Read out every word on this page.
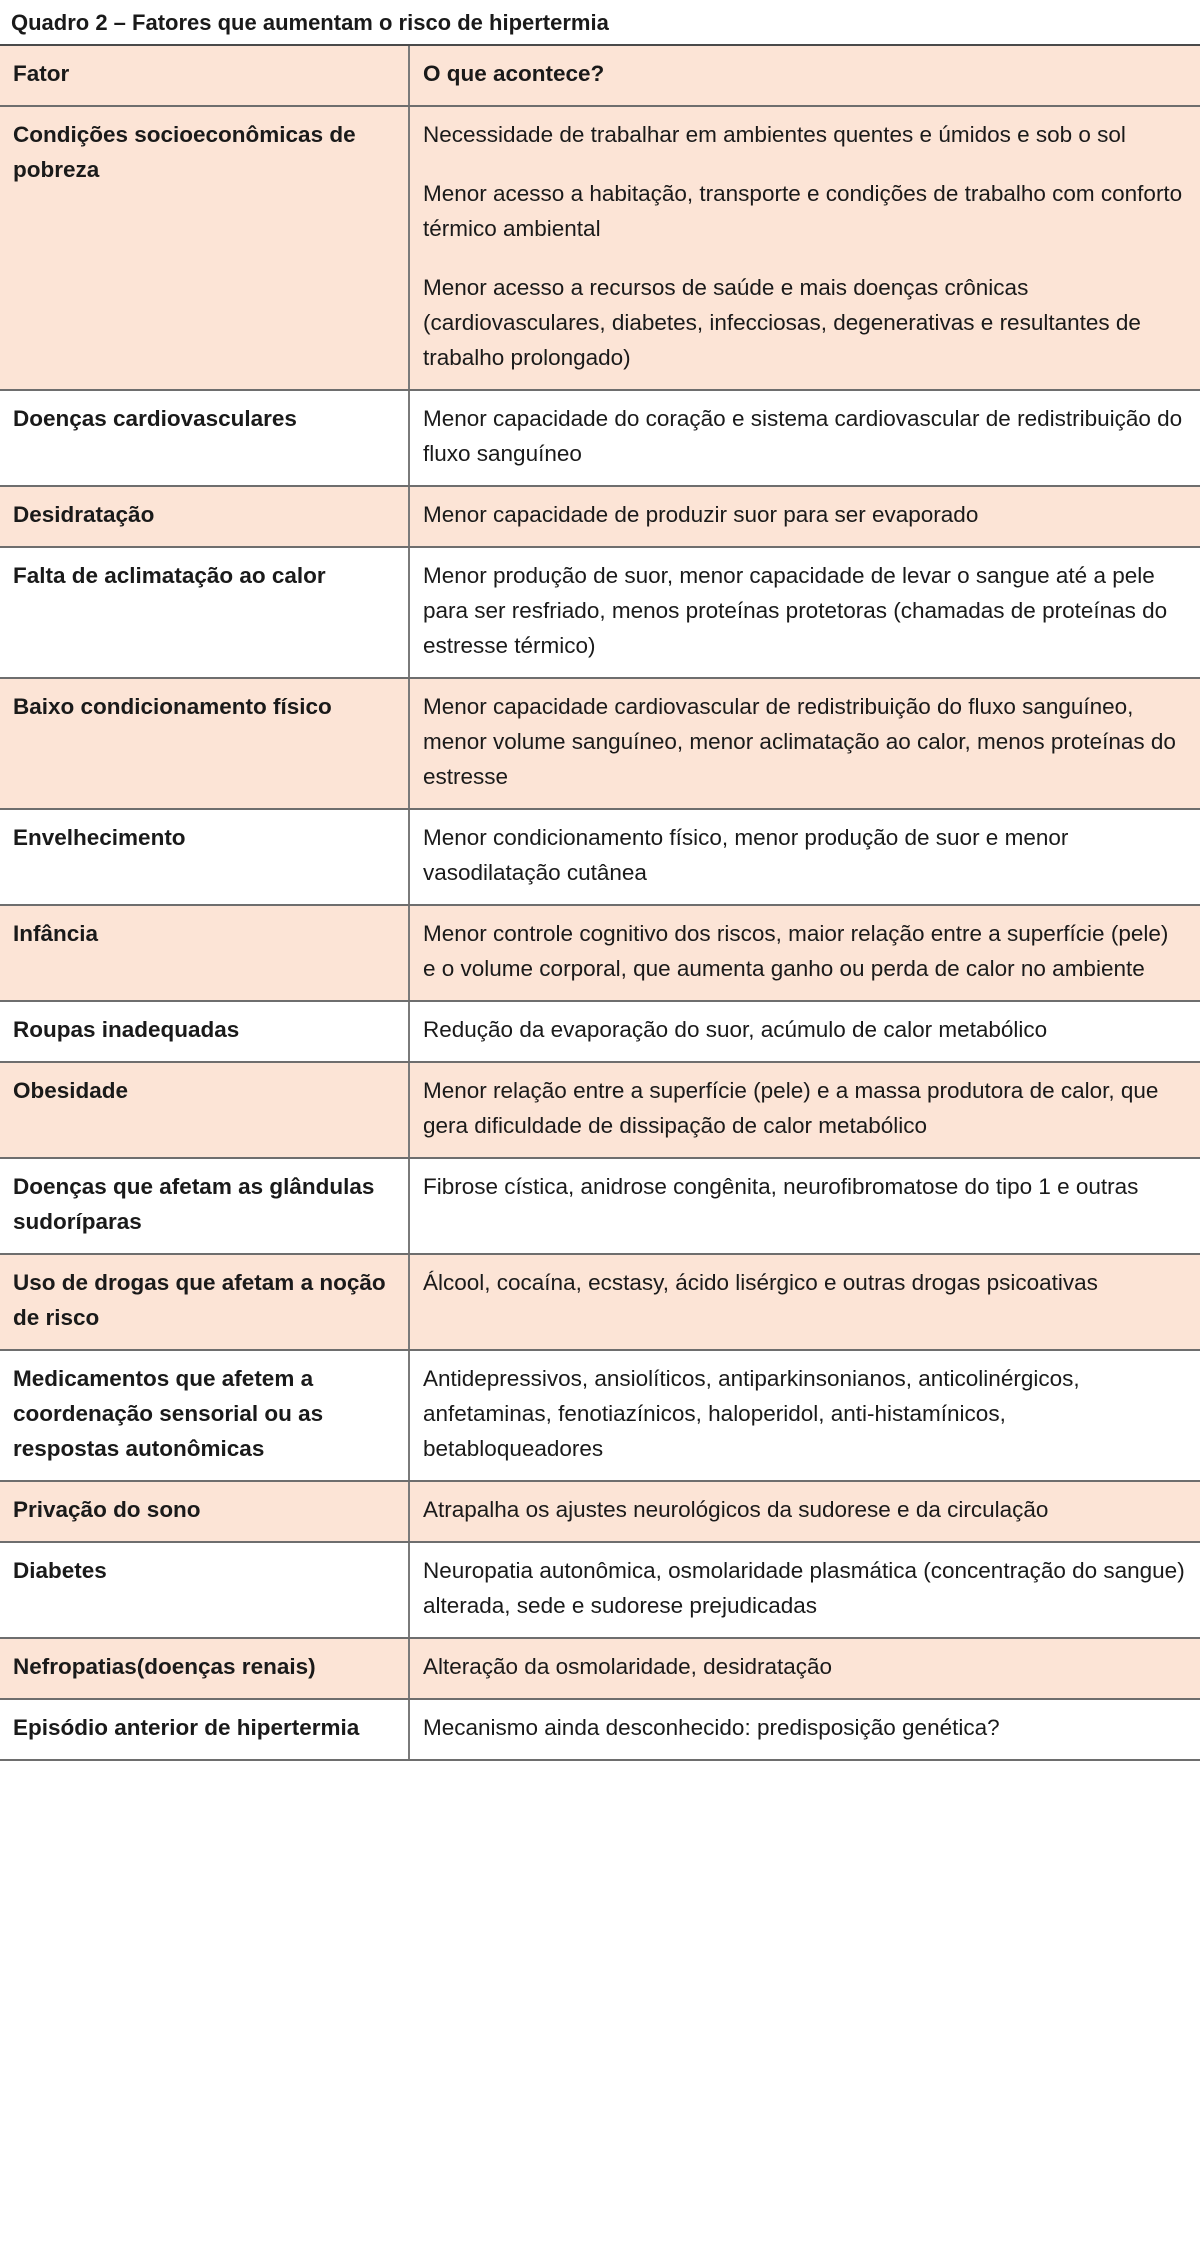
Quadro 2 – Fatores que aumentam o risco de hipertermia
Fator	O que acontece?
Condições socioeconômicas de pobreza	Necessidade de trabalhar em ambientes quentes e úmidos e sob o sol

Menor acesso a habitação, transporte e condições de trabalho com conforto térmico ambiental

Menor acesso a recursos de saúde e mais doenças crônicas (cardiovasculares, diabetes, infecciosas, degenerativas e resultantes de trabalho prolongado)

Doenças cardiovasculares	Menor capacidade do coração e sistema cardiovascular de redistribuição do fluxo sanguíneo

Desidratação	Menor capacidade de produzir suor para ser evaporado

Falta de aclimatação ao calor	Menor produção de suor, menor capacidade de levar o sangue até a pele para ser resfriado, menos proteínas protetoras (chamadas de proteínas do estresse térmico)

Baixo condicionamento físico	Menor capacidade cardiovascular de redistribuição do fluxo sanguíneo, menor volume sanguíneo, menor aclimatação ao calor, menos proteínas do estresse

Envelhecimento	Menor condicionamento físico, menor produção de suor e menor vasodilatação cutânea

Infância	Menor controle cognitivo dos riscos, maior relação entre a superfície (pele) e o volume corporal, que aumenta ganho ou perda de calor no ambiente

Roupas inadequadas	Redução da evaporação do suor, acúmulo de calor metabólico

Obesidade	Menor relação entre a superfície (pele) e a massa produtora de calor, que gera dificuldade de dissipação de calor metabólico

Doenças que afetam as glândulas sudoríparas	Fibrose cística, anidrose congênita, neurofibromatose do tipo 1 e outras

Uso de drogas que afetam a noção de risco	Álcool, cocaína, ecstasy, ácido lisérgico e outras drogas psicoativas

Medicamentos que afetem a coordenação sensorial ou as respostas autonômicas	Antidepressivos, ansiolíticos, antiparkinsonianos, anticolinérgicos, anfetaminas, fenotiazínicos, haloperidol, anti-histamínicos, betabloqueadores

Privação do sono	Atrapalha os ajustes neurológicos da sudorese e da circulação

Diabetes	Neuropatia autonômica, osmolaridade plasmática (concentração do sangue) alterada, sede e sudorese prejudicadas

Nefropatias(doenças renais)	Alteração da osmolaridade, desidratação

Episódio anterior de hipertermia	Mecanismo ainda desconhecido: predisposição genética?
